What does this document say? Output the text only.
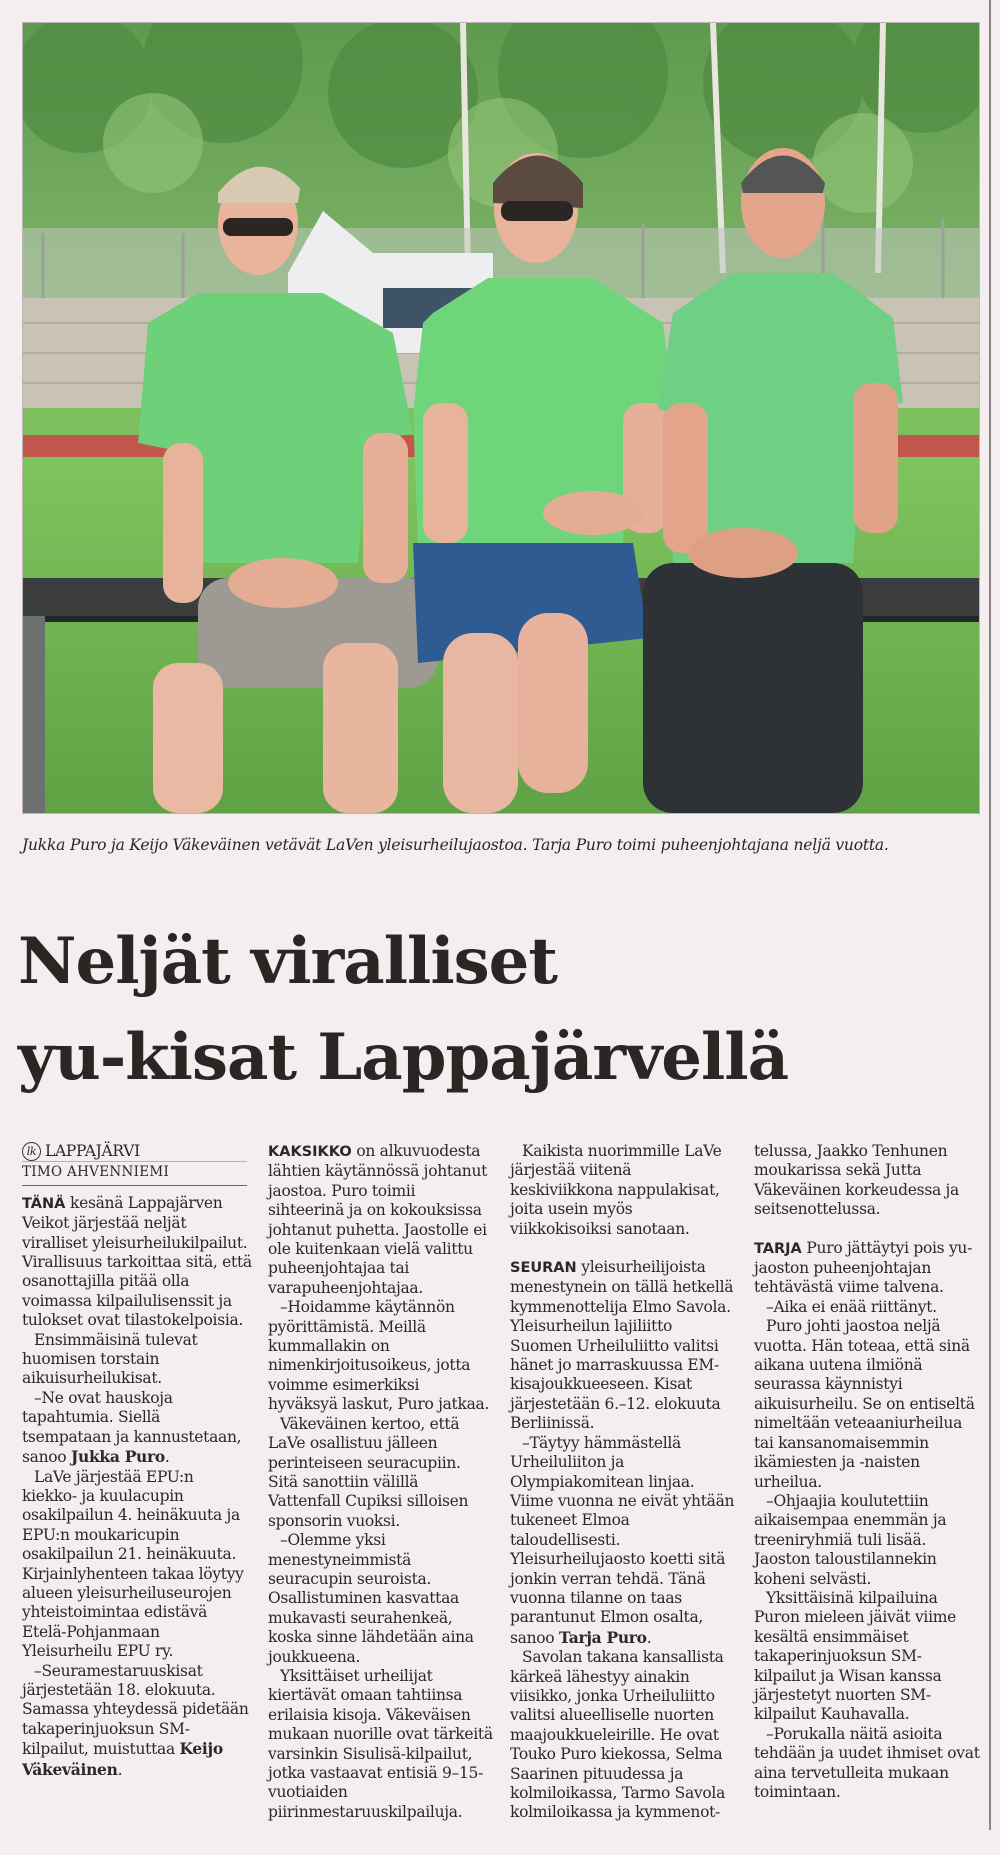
Jukka Puro ja Keijo Väkeväinen vetävät LaVen yleisurheilujaostoa. Tarja Puro toimi puheenjohtajana neljä vuotta.
Neljät viralliset
yu-kisat Lappajärvellä
lk LAPPAJÄRVI
TIMO AHVENNIEMI

TÄNÄ kesänä Lappajärven Veikot järjestää neljät viralliset yleisurheilukilpailut. Virallisuus tarkoittaa sitä, että osanottajilla pitää olla voimassa kilpailulisenssit ja tulokset ovat tilastokelpoisia.

Ensimmäisinä tulevat huomisen torstain aikuisurheilukisat.

–Ne ovat hauskoja tapahtumia. Siellä tsempataan ja kannustetaan, sanoo Jukka Puro.

LaVe järjestää EPU:n kiekko- ja kuulacupin osakilpailun 4. heinäkuuta ja EPU:n moukaricupin osakilpailun 21. heinäkuuta. Kirjainlyhenteen takaa löytyy alueen yleisurheiluseurojen yhteistoimintaa edistävä Etelä-Pohjanmaan Yleisurheilu EPU ry.

–Seuramestaruuskisat järjestetään 18. elokuuta. Samassa yhteydessä pidetään takaperinjuoksun SM-kilpailut, muistuttaa Keijo Väkeväinen.

KAKSIKKO on alkuvuodesta lähtien käytännössä johtanut jaostoa. Puro toimii sihteerinä ja on kokouksissa johtanut puhetta. Jaostolle ei ole kuitenkaan vielä valittu puheenjohtajaa tai varapuheenjohtajaa.

–Hoidamme käytännön pyörittämistä. Meillä kummallakin on nimenkirjoitusoikeus, jotta voimme esimerkiksi hyväksyä laskut, Puro jatkaa.

Väkeväinen kertoo, että LaVe osallistuu jälleen perinteiseen seuracupiin. Sitä sanottiin välillä Vattenfall Cupiksi silloisen sponsorin vuoksi.

–Olemme yksi menestyneimmistä seuracupin seuroista. Osallistuminen kasvattaa mukavasti seurahenkeä, koska sinne lähdetään aina joukkueena.

Yksittäiset urheilijat kiertävät omaan tahtiinsa erilaisia kisoja. Väkeväisen mukaan nuorille ovat tärkeitä varsinkin Sisulisä-kilpailut, jotka vastaavat entisiä 9–15-vuotiaiden piirinmestaruuskilpailuja.

Kaikista nuorimmille LaVe järjestää viitenä keskiviikkona nappulakisat, joita usein myös viikkokisoiksi sanotaan.

SEURAN yleisurheilijoista menestynein on tällä hetkellä kymmenottelija Elmo Savola. Yleisurheilun lajiliitto Suomen Urheiluliitto valitsi hänet jo marraskuussa EM-kisajoukkueeseen. Kisat järjestetään 6.–12. elokuuta Berliinissä.

–Täytyy hämmästellä Urheiluliiton ja Olympiakomitean linjaa. Viime vuonna ne eivät yhtään tukeneet Elmoa taloudellisesti. Yleisurheilujaosto koetti sitä jonkin verran tehdä. Tänä vuonna tilanne on taas parantunut Elmon osalta, sanoo Tarja Puro.

Savolan takana kansallista kärkeä lähestyy ainakin viisikko, jonka Urheiluliitto valitsi alueelliselle nuorten maajoukkueleirille. He ovat Touko Puro kiekossa, Selma Saarinen pituudessa ja kolmiloikassa, Tarmo Savola kolmiloikassa ja kymmenot-

telussa, Jaakko Tenhunen moukarissa sekä Jutta Väkeväinen korkeudessa ja seitsenottelussa.

TARJA Puro jättäytyi pois yu-jaoston puheenjohtajan tehtävästä viime talvena.

–Aika ei enää riittänyt.

Puro johti jaostoa neljä vuotta. Hän toteaa, että sinä aikana uutena ilmiönä seurassa käynnistyi aikuisurheilu. Se on entiseltä nimeltään veteaaniurheilua tai kansanomaisemmin ikämiesten ja -naisten urheilua.

–Ohjaajia koulutettiin aikaisempaa enemmän ja treeniryhmiä tuli lisää. Jaoston taloustilannekin koheni selvästi.

Yksittäisinä kilpailuina Puron mieleen jäivät viime kesältä ensimmäiset takaperinjuoksun SM-kilpailut ja Wisan kanssa järjestetyt nuorten SM-kilpailut Kauhavalla.

–Porukalla näitä asioita tehdään ja uudet ihmiset ovat aina tervetulleita mukaan toimintaan.
